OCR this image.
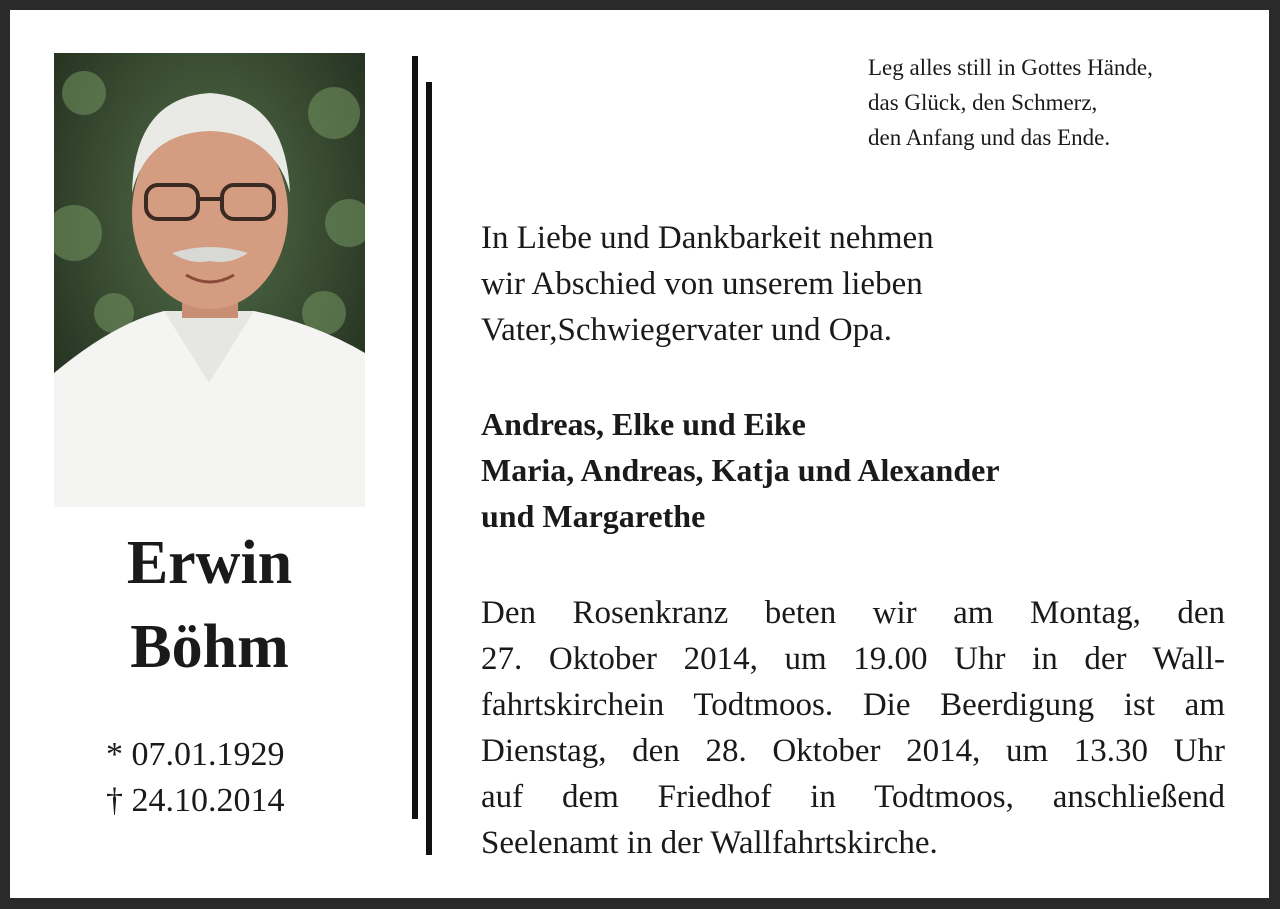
Erwin
Böhm
* 07.01.1929
† 24.10.2014
Leg alles still in Gottes Hände,
das Glück, den Schmerz,
den Anfang und das Ende.
In Liebe und Dankbarkeit nehmen
wir Abschied von unserem lieben
Vater,Schwiegervater und Opa.
Andreas, Elke und Eike
Maria, Andreas, Katja und Alexander
und Margarethe
Den Rosenkranz beten wir am Montag, den
27. Oktober 2014, um 19.00 Uhr in der Wall-
fahrtskirchein Todtmoos. Die Beerdigung ist am
Dienstag, den 28. Oktober 2014, um 13.30 Uhr
auf dem Friedhof in Todtmoos, anschließend
Seelenamt in der Wallfahrtskirche.
